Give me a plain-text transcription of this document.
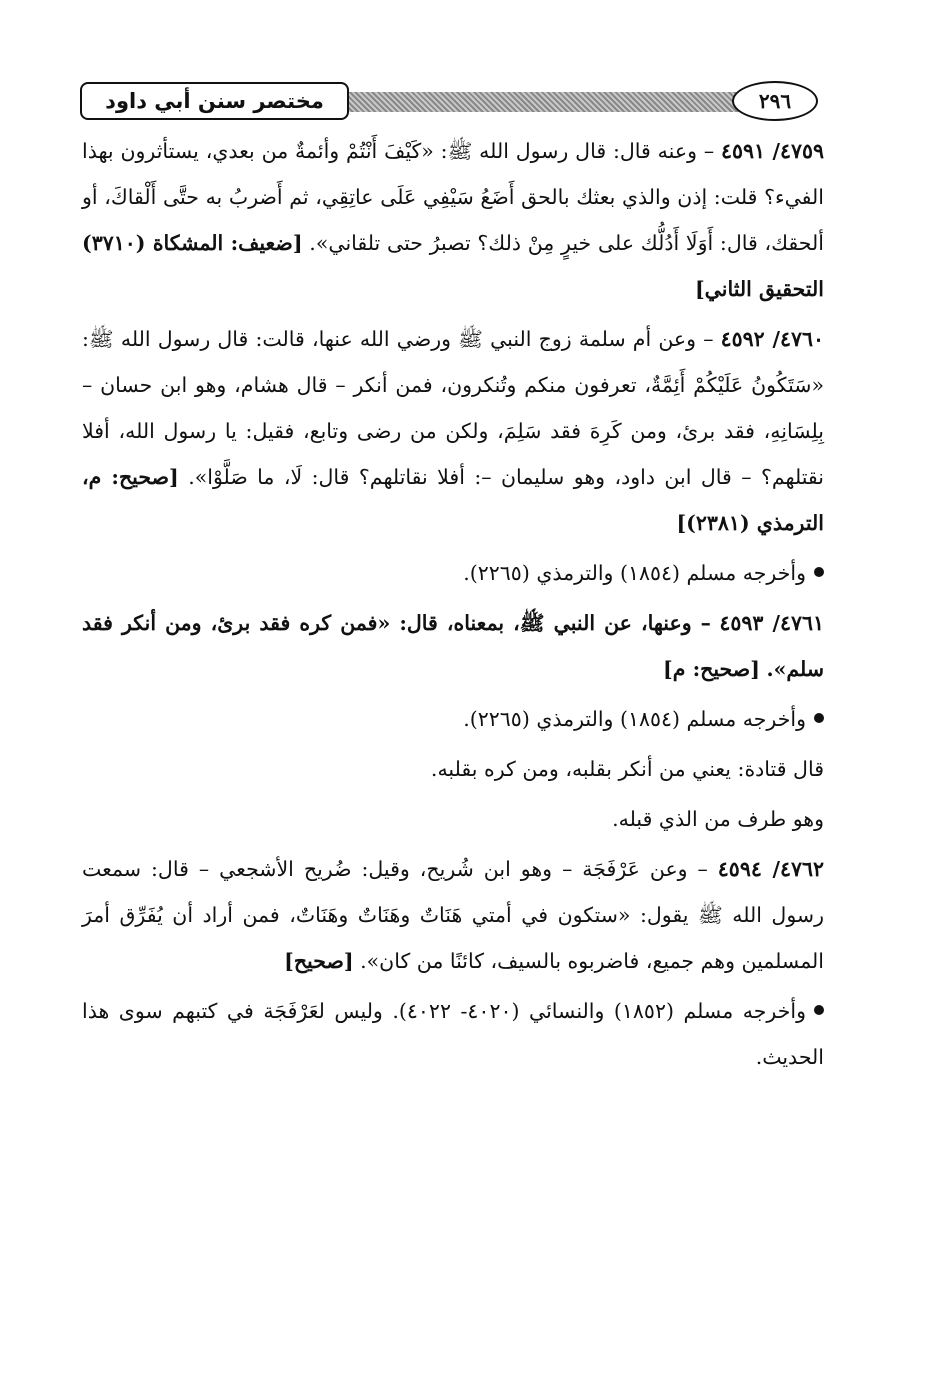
مختصر سنن أبي داود	٢٩٦

٤٧٥٩/ ٤٥٩١ – وعنه قال: قال رسول الله ﷺ: «كَيْفَ أَنْتُمْ وأئمةٌ من بعدي، يستأثرون بهذا الفيء؟ قلت: إذن والذي بعثك بالحق أَضَعُ سَيْفِي عَلَى عاتِقِي، ثم أَضربُ به حتَّى أَلْقاكَ، أو ألحقك، قال: أَوَلَا أَدُلُّك على خيرٍ مِنْ ذلك؟ تصبرُ حتى تلقاني». [ضعيف: المشكاة (٣٧١٠) التحقيق الثاني]

٤٧٦٠/ ٤٥٩٢ – وعن أم سلمة زوج النبي ﷺ ورضي الله عنها، قالت: قال رسول الله ﷺ: «سَتَكُونُ عَلَيْكُمْ أَئِمَّةٌ، تعرفون منكم وتُنكرون، فمن أنكر – قال هشام، وهو ابن حسان – بِلِسَانِهِ، فقد برئ، ومن كَرِهَ فقد سَلِمَ، ولكن من رضى وتابع، فقيل: يا رسول الله، أفلا نقتلهم؟ – قال ابن داود، وهو سليمان –: أفلا نقاتلهم؟ قال: لَا، ما صَلَّوْا». [صحيح: م، الترمذي (٢٣٨١)]

وأخرجه مسلم (١٨٥٤) والترمذي (٢٢٦٥).

٤٧٦١/ ٤٥٩٣ – وعنها، عن النبي ﷺ، بمعناه، قال: «فمن كره فقد برئ، ومن أنكر فقد سلم». [صحيح: م]

وأخرجه مسلم (١٨٥٤) والترمذي (٢٢٦٥).

قال قتادة: يعني من أنكر بقلبه، ومن كره بقلبه.

وهو طرف من الذي قبله.

٤٧٦٢/ ٤٥٩٤ – وعن عَرْفَجَة – وهو ابن شُريح، وقيل: ضُريح الأشجعي – قال: سمعت رسول الله ﷺ يقول: «ستكون في أمتي هَنَاتٌ وهَنَاتٌ وهَنَاتٌ، فمن أراد أن يُفَرِّق أمرَ المسلمين وهم جميع، فاضربوه بالسيف، كائنًا من كان». [صحيح]

وأخرجه مسلم (١٨٥٢) والنسائي (٤٠٢٠- ٤٠٢٢). وليس لعَرْفَجَة في كتبهم سوى هذا الحديث.
